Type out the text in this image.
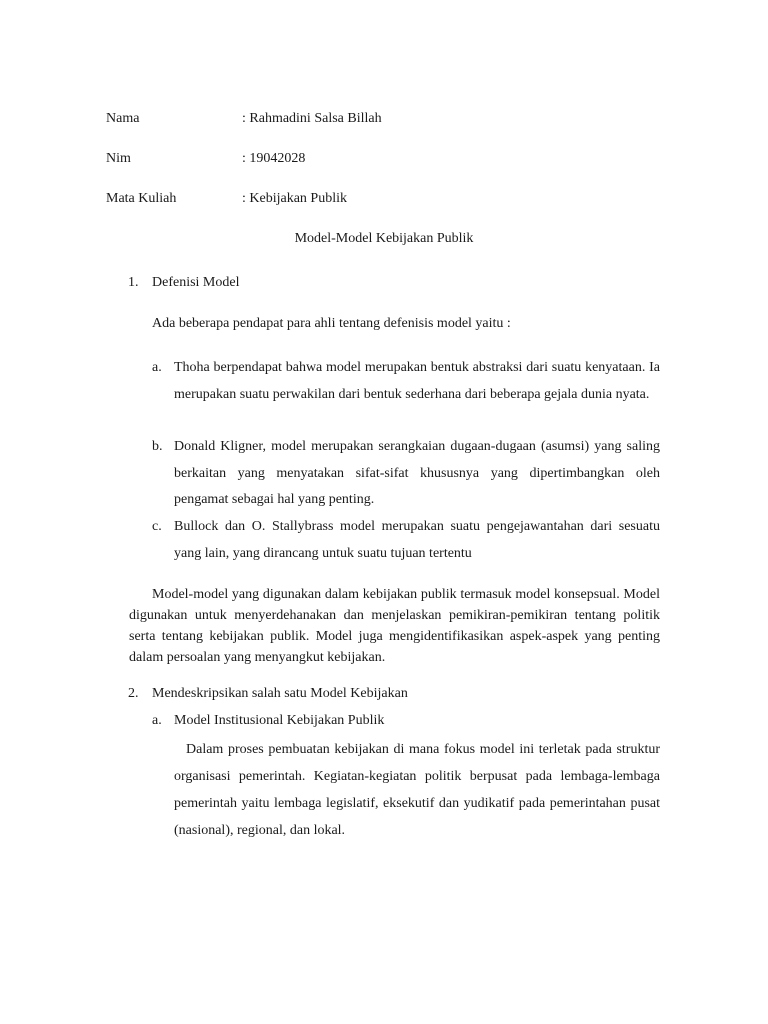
Nama	: Rahmadini Salsa Billah
Nim	: 19042028
Mata Kuliah	: Kebijakan Publik
Model-Model Kebijakan Publik
1. Defenisi Model
Ada beberapa pendapat para ahli tentang defenisis model yaitu :
a. Thoha berpendapat bahwa model merupakan bentuk abstraksi dari suatu kenyataan. Ia merupakan suatu perwakilan dari bentuk sederhana dari beberapa gejala dunia nyata.
b. Donald Kligner, model merupakan serangkaian dugaan-dugaan (asumsi) yang saling berkaitan yang menyatakan sifat-sifat khususnya yang dipertimbangkan oleh pengamat sebagai hal yang penting.
c. Bullock dan O. Stallybrass model merupakan suatu pengejawantahan dari sesuatu yang lain, yang dirancang untuk suatu tujuan tertentu
Model-model yang digunakan dalam kebijakan publik termasuk model konsepsual. Model digunakan untuk menyerdehanakan dan menjelaskan pemikiran-pemikiran tentang politik serta tentang kebijakan publik. Model juga mengidentifikasikan aspek-aspek yang penting dalam persoalan yang menyangkut kebijakan.
2. Mendeskripsikan salah satu Model Kebijakan
a. Model Institusional Kebijakan Publik
Dalam proses pembuatan kebijakan di mana fokus model ini terletak pada struktur organisasi pemerintah. Kegiatan-kegiatan politik berpusat pada lembaga-lembaga pemerintah yaitu lembaga legislatif, eksekutif dan yudikatif pada pemerintahan pusat (nasional), regional, dan lokal.
